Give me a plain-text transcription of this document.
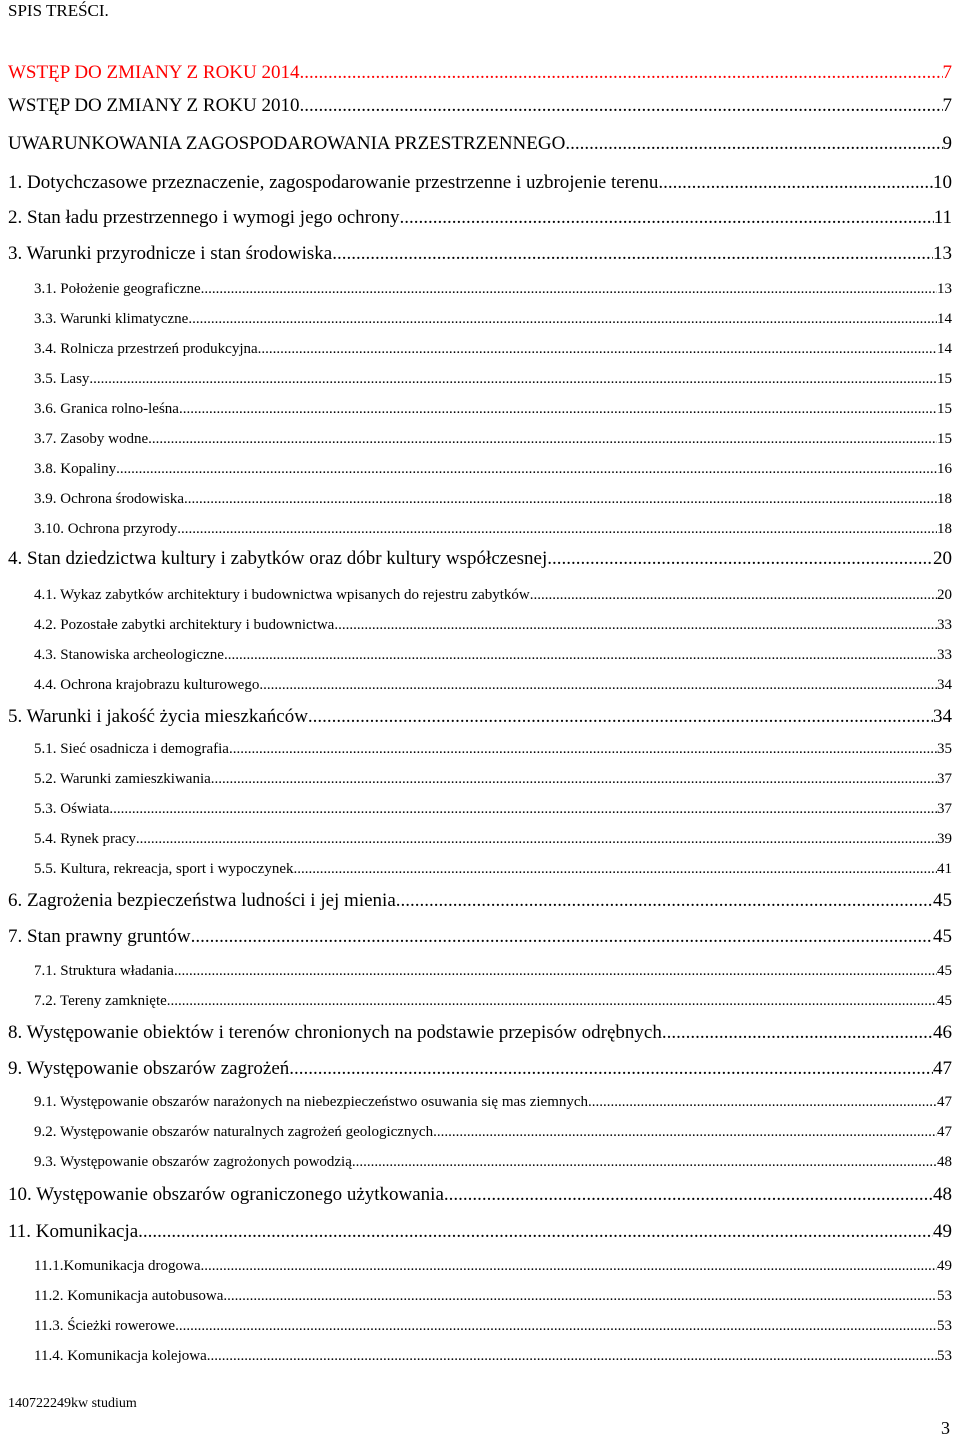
SPIS TREŚCI.
WSTĘP DO ZMIANY Z ROKU 2014 .....	7
WSTĘP DO ZMIANY Z ROKU 2010 .....	7
UWARUNKOWANIA ZAGOSPODAROWANIA PRZESTRZENNEGO .....	9
1. Dotychczasowe przeznaczenie, zagospodarowanie przestrzenne i uzbrojenie terenu .....	10
2. Stan ładu przestrzennego i wymogi jego ochrony .....	11
3. Warunki przyrodnicze i stan środowiska .....	13
3.1. Położenie geograficzne .....	13
3.3. Warunki klimatyczne .....	14
3.4. Rolnicza przestrzeń produkcyjna .....	14
3.5. Lasy .....	15
3.6. Granica rolno-leśna .....	15
3.7. Zasoby wodne .....	15
3.8. Kopaliny .....	16
3.9. Ochrona środowiska .....	18
3.10. Ochrona przyrody .....	18
4. Stan dziedzictwa kultury i zabytków oraz dóbr kultury współczesnej .....	20
4.1. Wykaz zabytków architektury i budownictwa wpisanych do rejestru zabytków .....	20
4.2. Pozostałe zabytki architektury i budownictwa .....	33
4.3. Stanowiska archeologiczne .....	33
4.4. Ochrona krajobrazu kulturowego .....	34
5. Warunki i jakość życia mieszkańców .....	34
5.1. Sieć osadnicza i demografia .....	35
5.2. Warunki zamieszkiwania .....	37
5.3. Oświata .....	37
5.4. Rynek pracy .....	39
5.5. Kultura, rekreacja, sport i wypoczynek .....	41
6. Zagrożenia bezpieczeństwa ludności i jej mienia .....	45
7. Stan prawny gruntów .....	45
7.1. Struktura władania .....	45
7.2. Tereny zamknięte .....	45
8. Występowanie obiektów i terenów chronionych na podstawie przepisów odrębnych .....	46
9. Występowanie obszarów zagrożeń .....	47
9.1. Występowanie obszarów narażonych na niebezpieczeństwo osuwania się mas ziemnych .....	47
9.2. Występowanie obszarów naturalnych zagrożeń geologicznych .....	47
9.3. Występowanie obszarów zagrożonych powodzią .....	48
10. Występowanie obszarów ograniczonego użytkowania .....	48
11. Komunikacja .....	49
11.1.Komunikacja drogowa .....	49
11.2. Komunikacja autobusowa .....	53
11.3. Ścieżki rowerowe .....	53
11.4. Komunikacja kolejowa .....	53
140722249kw studium
3
